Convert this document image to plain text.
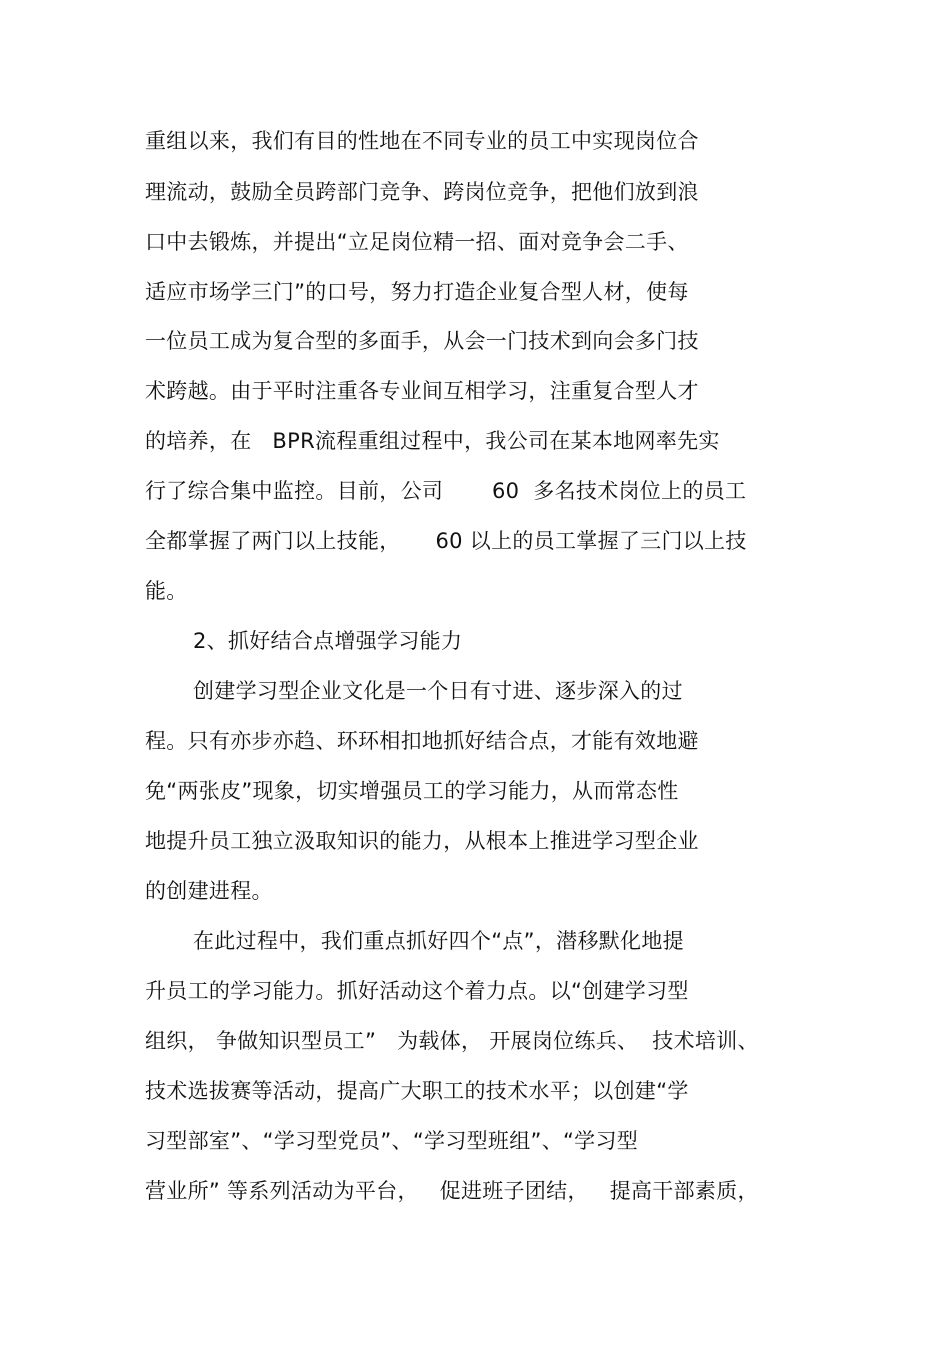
重组以来，我们有目的性地在不同专业的员工中实现岗位合
理流动，鼓励全员跨部门竞争、跨岗位竞争，把他们放到浪
口中去锻炼，并提出“立足岗位精一招、面对竞争会二手、
适应市场学三门”的口号，努力打造企业复合型人材，使每
一位员工成为复合型的多面手，从会一门技术到向会多门技
术跨越。由于平时注重各专业间互相学习，注重复合型人才
的培养，在   BPR流程重组过程中，我公司在某本地网率先实
行了综合集中监控。目前，公司       60  多名技术岗位上的员工
全都掌握了两门以上技能，     60 以上的员工掌握了三门以上技
能。
2、抓好结合点增强学习能力
创建学习型企业文化是一个日有寸进、逐步深入的过
程。只有亦步亦趋、环环相扣地抓好结合点，才能有效地避
免“两张皮”现象，切实增强员工的学习能力，从而常态性
地提升员工独立汲取知识的能力，从根本上推进学习型企业
的创建进程。
在此过程中，我们重点抓好四个“点”，潜移默化地提
升员工的学习能力。抓好活动这个着力点。以“创建学习型
组织， 争做知识型员工”   为载体， 开展岗位练兵、  技术培训、
技术选拔赛等活动，提高广大职工的技术水平；以创建“学
习型部室”、“学习型党员”、“学习型班组”、“学习型
营业所” 等系列活动为平台，   促进班子团结，   提高干部素质，
